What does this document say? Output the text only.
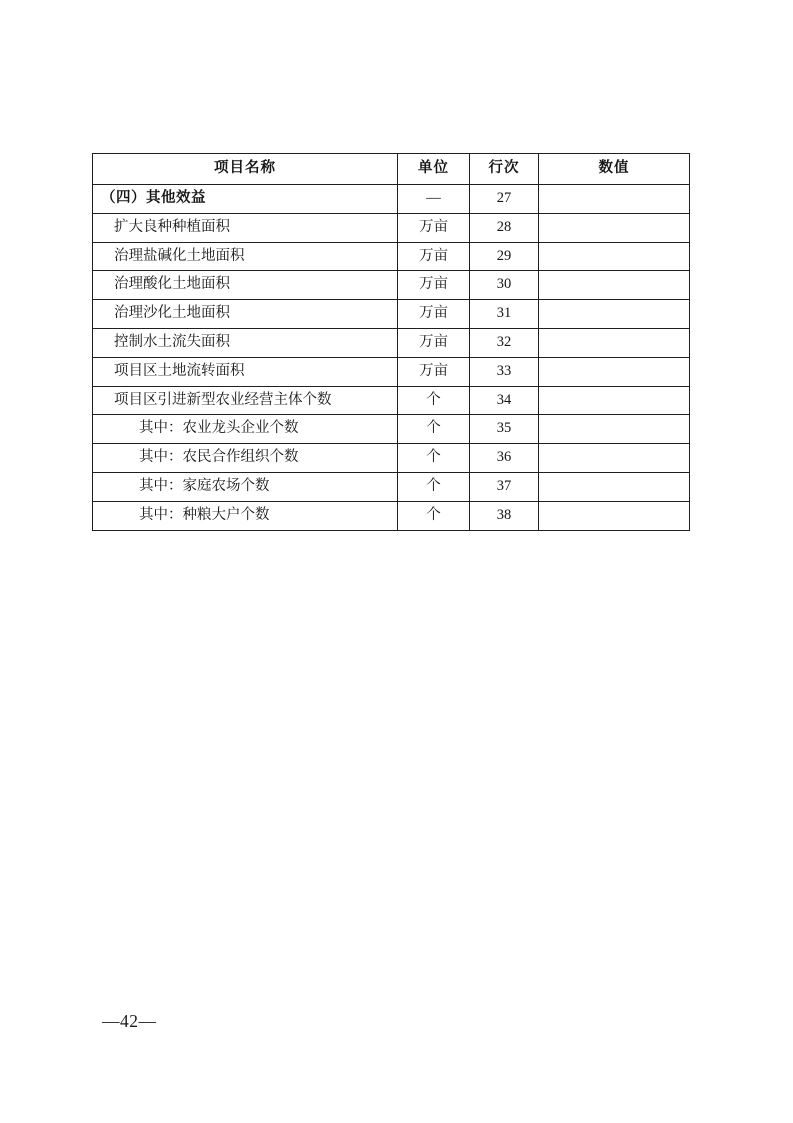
项目名称	单位	行次	数值
（四）其他效益	—	27	
扩大良种种植面积	万亩	28	
治理盐碱化土地面积	万亩	29	
治理酸化土地面积	万亩	30	
治理沙化土地面积	万亩	31	
控制水土流失面积	万亩	32	
项目区土地流转面积	万亩	33	
项目区引进新型农业经营主体个数	个	34	
其中：农业龙头企业个数	个	35	
其中：农民合作组织个数	个	36	
其中：家庭农场个数	个	37	
其中：种粮大户个数	个	38	
—42—
